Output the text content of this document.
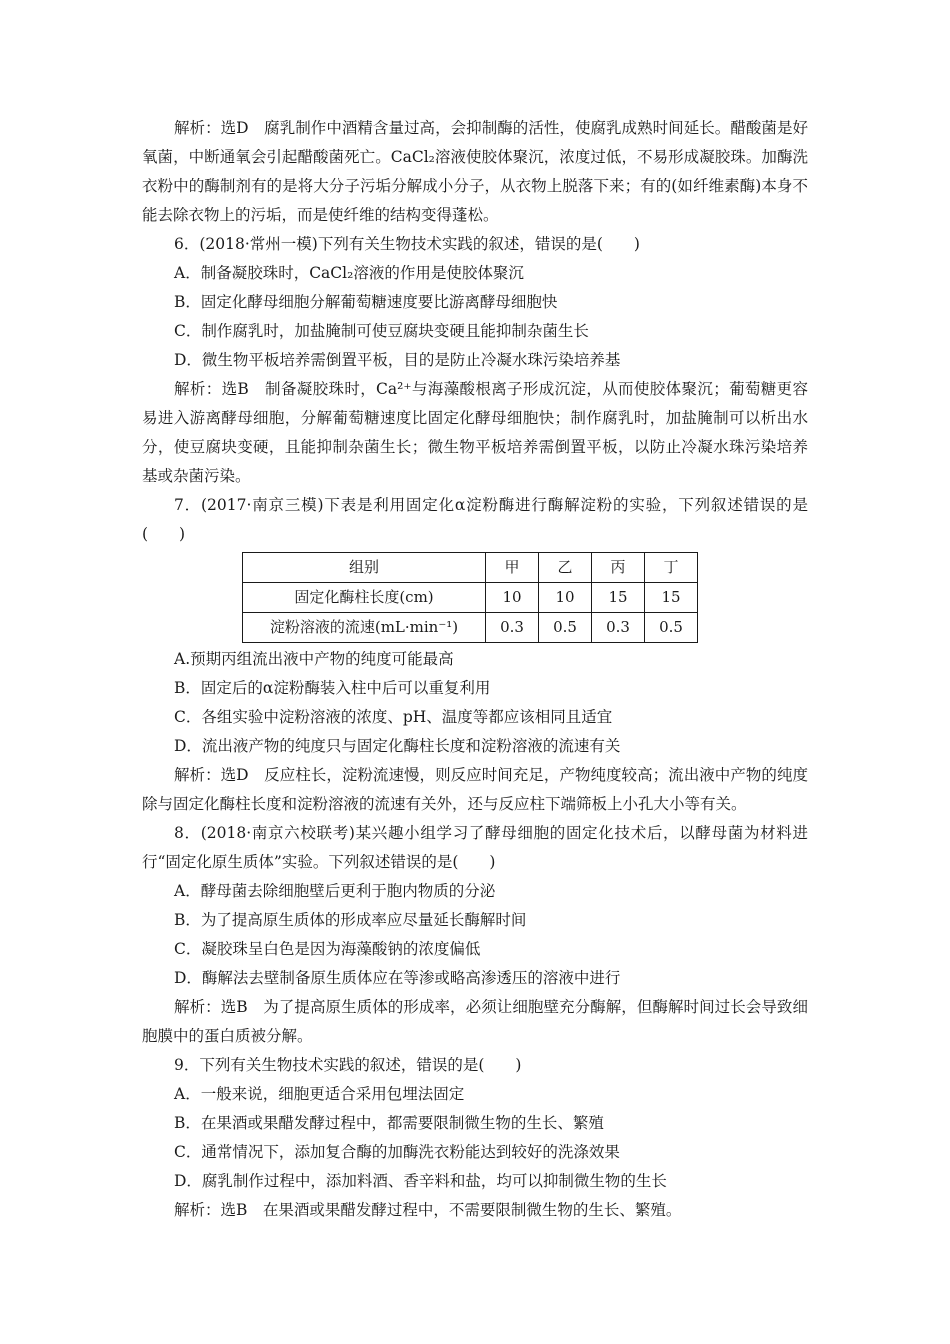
解析：选D　腐乳制作中酒精含量过高，会抑制酶的活性，使腐乳成熟时间延长。醋酸菌是好氧菌，中断通氧会引起醋酸菌死亡。CaCl₂溶液使胶体聚沉，浓度过低，不易形成凝胶珠。加酶洗衣粉中的酶制剂有的是将大分子污垢分解成小分子，从衣物上脱落下来；有的(如纤维素酶)本身不能去除衣物上的污垢，而是使纤维的结构变得蓬松。

6．(2018·常州一模)下列有关生物技术实践的叙述，错误的是(　　)

A．制备凝胶珠时，CaCl₂溶液的作用是使胶体聚沉

B．固定化酵母细胞分解葡萄糖速度要比游离酵母细胞快

C．制作腐乳时，加盐腌制可使豆腐块变硬且能抑制杂菌生长

D．微生物平板培养需倒置平板，目的是防止冷凝水珠污染培养基

解析：选B　制备凝胶珠时，Ca²⁺与海藻酸根离子形成沉淀，从而使胶体聚沉；葡萄糖更容易进入游离酵母细胞，分解葡萄糖速度比固定化酵母细胞快；制作腐乳时，加盐腌制可以析出水分，使豆腐块变硬，且能抑制杂菌生长；微生物平板培养需倒置平板，以防止冷凝水珠污染培养基或杂菌污染。

7．(2017·南京三模)下表是利用固定化α淀粉酶进行酶解淀粉的实验，下列叙述错误的是(　　)

组别	甲	乙	丙	丁
固定化酶柱长度(cm)	10	10	15	15
淀粉溶液的流速(mL·min⁻¹)	0.3	0.5	0.3	0.5

A.预期丙组流出液中产物的纯度可能最高

B．固定后的α淀粉酶装入柱中后可以重复利用

C．各组实验中淀粉溶液的浓度、pH、温度等都应该相同且适宜

D．流出液产物的纯度只与固定化酶柱长度和淀粉溶液的流速有关

解析：选D　反应柱长，淀粉流速慢，则反应时间充足，产物纯度较高；流出液中产物的纯度除与固定化酶柱长度和淀粉溶液的流速有关外，还与反应柱下端筛板上小孔大小等有关。

8．(2018·南京六校联考)某兴趣小组学习了酵母细胞的固定化技术后，以酵母菌为材料进行“固定化原生质体”实验。下列叙述错误的是(　　)

A．酵母菌去除细胞壁后更利于胞内物质的分泌

B．为了提高原生质体的形成率应尽量延长酶解时间

C．凝胶珠呈白色是因为海藻酸钠的浓度偏低

D．酶解法去壁制备原生质体应在等渗或略高渗透压的溶液中进行

解析：选B　为了提高原生质体的形成率，必须让细胞壁充分酶解，但酶解时间过长会导致细胞膜中的蛋白质被分解。

9．下列有关生物技术实践的叙述，错误的是(　　)

A．一般来说，细胞更适合采用包埋法固定

B．在果酒或果醋发酵过程中，都需要限制微生物的生长、繁殖

C．通常情况下，添加复合酶的加酶洗衣粉能达到较好的洗涤效果

D．腐乳制作过程中，添加料酒、香辛料和盐，均可以抑制微生物的生长

解析：选B　在果酒或果醋发酵过程中，不需要限制微生物的生长、繁殖。
